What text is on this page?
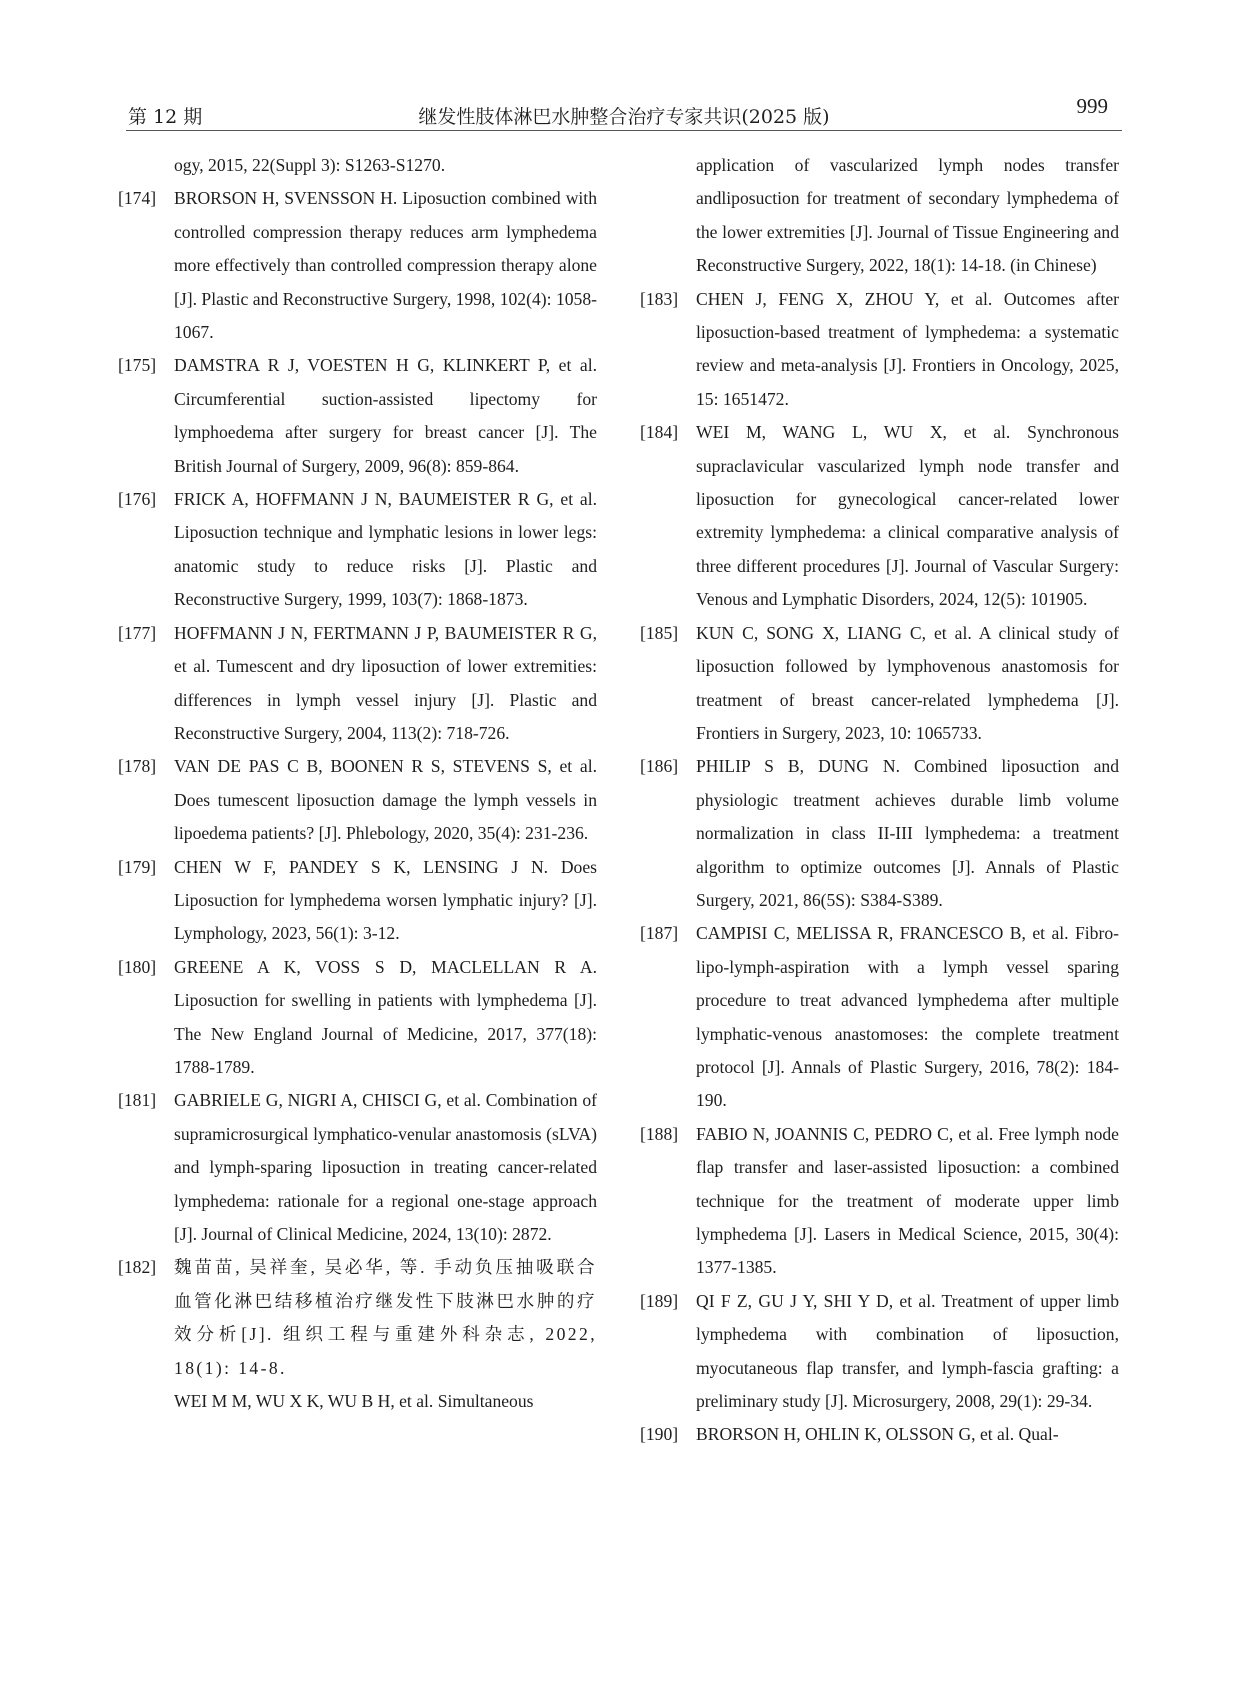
第 12 期	继发性肢体淋巴水肿整合治疗专家共识(2025 版)	999
ogy, 2015, 22(Suppl 3): S1263-S1270.
[174] BRORSON H, SVENSSON H. Liposuction combined with controlled compression therapy reduces arm lymphedema more effectively than controlled compression therapy alone [J]. Plastic and Reconstructive Surgery, 1998, 102(4): 1058-1067.
[175] DAMSTRA R J, VOESTEN H G, KLINKERT P, et al. Circumferential suction-assisted lipectomy for lymphoedema after surgery for breast cancer [J]. The British Journal of Surgery, 2009, 96(8): 859-864.
[176] FRICK A, HOFFMANN J N, BAUMEISTER R G, et al. Liposuction technique and lymphatic lesions in lower legs: anatomic study to reduce risks [J]. Plastic and Reconstructive Surgery, 1999, 103(7): 1868-1873.
[177] HOFFMANN J N, FERTMANN J P, BAUMEISTER R G, et al. Tumescent and dry liposuction of lower extremities: differences in lymph vessel injury [J]. Plastic and Reconstructive Surgery, 2004, 113(2): 718-726.
[178] VAN DE PAS C B, BOONEN R S, STEVENS S, et al. Does tumescent liposuction damage the lymph vessels in lipoedema patients? [J]. Phlebology, 2020, 35(4): 231-236.
[179] CHEN W F, PANDEY S K, LENSING J N. Does Liposuction for lymphedema worsen lymphatic injury? [J]. Lymphology, 2023, 56(1): 3-12.
[180] GREENE A K, VOSS S D, MACLELLAN R A. Liposuction for swelling in patients with lymphedema [J]. The New England Journal of Medicine, 2017, 377(18): 1788-1789.
[181] GABRIELE G, NIGRI A, CHISCI G, et al. Combination of supramicrosurgical lymphatico-venular anastomosis (sLVA) and lymph-sparing liposuction in treating cancer-related lymphedema: rationale for a regional one-stage approach [J]. Journal of Clinical Medicine, 2024, 13(10): 2872.
[182] 魏苗苗, 吴祥奎, 吴必华, 等. 手动负压抽吸联合血管化淋巴结移植治疗继发性下肢淋巴水肿的疗效分析[J]. 组织工程与重建外科杂志, 2022, 18(1): 14-8.
WEI M M, WU X K, WU B H, et al. Simultaneous
application of vascularized lymph nodes transfer andliposuction for treatment of secondary lymphedema of the lower extremities [J]. Journal of Tissue Engineering and Reconstructive Surgery, 2022, 18(1): 14-18. (in Chinese)
[183] CHEN J, FENG X, ZHOU Y, et al. Outcomes after liposuction-based treatment of lymphedema: a systematic review and meta-analysis [J]. Frontiers in Oncology, 2025, 15: 1651472.
[184] WEI M, WANG L, WU X, et al. Synchronous supraclavicular vascularized lymph node transfer and liposuction for gynecological cancer-related lower extremity lymphedema: a clinical comparative analysis of three different procedures [J]. Journal of Vascular Surgery: Venous and Lymphatic Disorders, 2024, 12(5): 101905.
[185] KUN C, SONG X, LIANG C, et al. A clinical study of liposuction followed by lymphovenous anastomosis for treatment of breast cancer-related lymphedema [J]. Frontiers in Surgery, 2023, 10: 1065733.
[186] PHILIP S B, DUNG N. Combined liposuction and physiologic treatment achieves durable limb volume normalization in class II-III lymphedema: a treatment algorithm to optimize outcomes [J]. Annals of Plastic Surgery, 2021, 86(5S): S384-S389.
[187] CAMPISI C, MELISSA R, FRANCESCO B, et al. Fibro-lipo-lymph-aspiration with a lymph vessel sparing procedure to treat advanced lymphedema after multiple lymphatic-venous anastomoses: the complete treatment protocol [J]. Annals of Plastic Surgery, 2016, 78(2): 184-190.
[188] FABIO N, JOANNIS C, PEDRO C, et al. Free lymph node flap transfer and laser-assisted liposuction: a combined technique for the treatment of moderate upper limb lymphedema [J]. Lasers in Medical Science, 2015, 30(4): 1377-1385.
[189] QI F Z, GU J Y, SHI Y D, et al. Treatment of upper limb lymphedema with combination of liposuction, myocutaneous flap transfer, and lymph-fascia grafting: a preliminary study [J]. Microsurgery, 2008, 29(1): 29-34.
[190] BRORSON H, OHLIN K, OLSSON G, et al. Qual-
